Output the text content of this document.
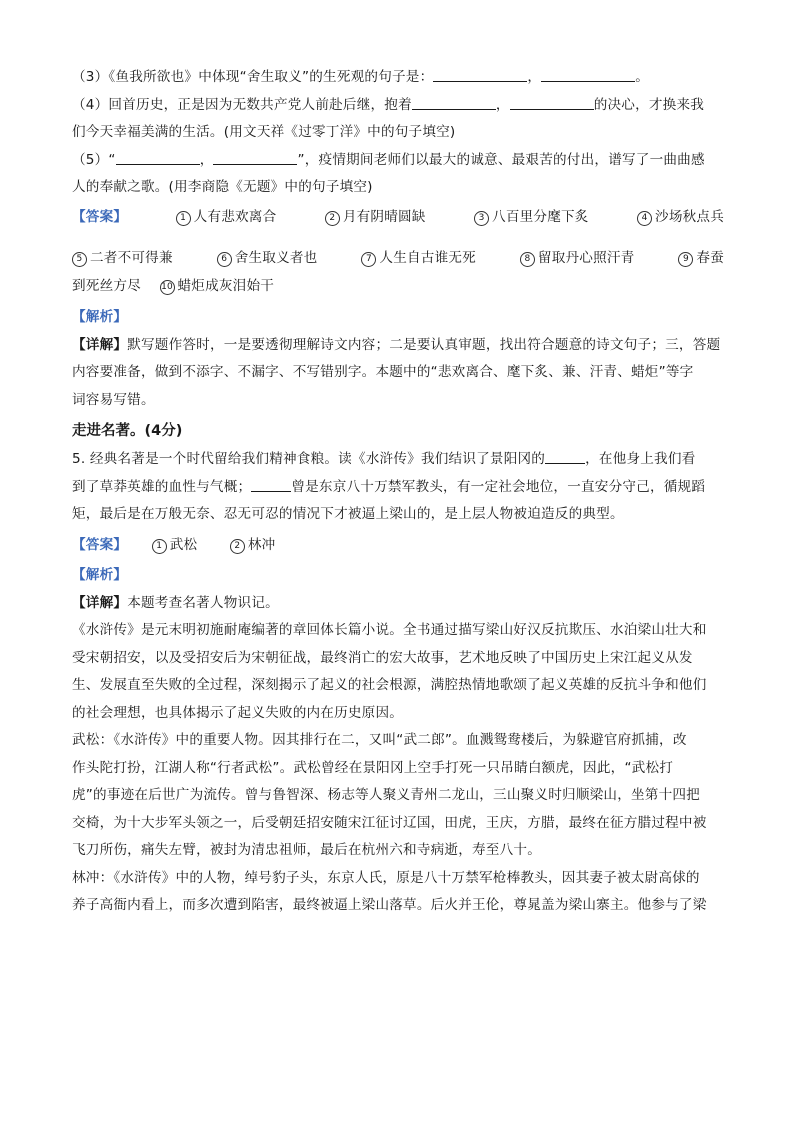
（3）《鱼我所欲也》中体现“舍生取义”的生死观的句子是：	，	。
（4）回首历史，正是因为无数共产党人前赴后继，抱着	，	的决心，才换来我
们今天幸福美满的生活。(用文天祥《过零丁洋》中的句子填空)
（5）“	，	”，疫情期间老师们以最大的诚意、最艰苦的付出，谱写了一曲曲感
人的奉献之歌。(用李商隐《无题》中的句子填空)
【答案】	1 人有悲欢离合	2 月有阴晴圆缺	3 八百里分麾下炙	4 沙场秋点兵
5 二者不可得兼	6 舍生取义者也	7 人生自古谁无死	8 留取丹心照汗青	9 春蚕
到死丝方尽 10 蜡炬成灰泪始干
【解析】
【详解】默写题作答时，一是要透彻理解诗文内容；二是要认真审题，找出符合题意的诗文句子；三，答题
内容要准备，做到不添字、不漏字、不写错别字。本题中的“悲欢离合、麾下炙、兼、汗青、蜡炬”等字
词容易写错。
走进名著。(4分)
5. 经典名著是一个时代留给我们精神食粮。读《水浒传》我们结识了景阳冈的	，在他身上我们看
到了草莽英雄的血性与气概；	曾是东京八十万禁军教头，有一定社会地位，一直安分守己，循规蹈
矩，最后是在万般无奈、忍无可忍的情况下才被逼上梁山的，是上层人物被迫造反的典型。
【答案】	1 武松	2 林冲
【解析】
【详解】本题考查名著人物识记。
《水浒传》是元末明初施耐庵编著的章回体长篇小说。全书通过描写梁山好汉反抗欺压、水泊梁山壮大和
受宋朝招安，以及受招安后为宋朝征战，最终消亡的宏大故事，艺术地反映了中国历史上宋江起义从发
生、发展直至失败的全过程，深刻揭示了起义的社会根源，满腔热情地歌颂了起义英雄的反抗斗争和他们
的社会理想，也具体揭示了起义失败的内在历史原因。
武松：《水浒传》中的重要人物。因其排行在二，又叫“武二郎”。血溅鸳鸯楼后，为躲避官府抓捕，改
作头陀打扮，江湖人称“行者武松”。武松曾经在景阳冈上空手打死一只吊睛白额虎，因此，“武松打
虎”的事迹在后世广为流传。曾与鲁智深、杨志等人聚义青州二龙山，三山聚义时归顺梁山，坐第十四把
交椅，为十大步军头领之一，后受朝廷招安随宋江征讨辽国，田虎，王庆，方腊，最终在征方腊过程中被
飞刀所伤，痛失左臂，被封为清忠祖师，最后在杭州六和寺病逝，寿至八十。
林冲：《水浒传》中的人物，绰号豹子头，东京人氏，原是八十万禁军枪棒教头，因其妻子被太尉高俅的
养子高衙内看上，而多次遭到陷害，最终被逼上梁山落草。后火并王伦，尊晁盖为梁山寨主。他参与了梁
